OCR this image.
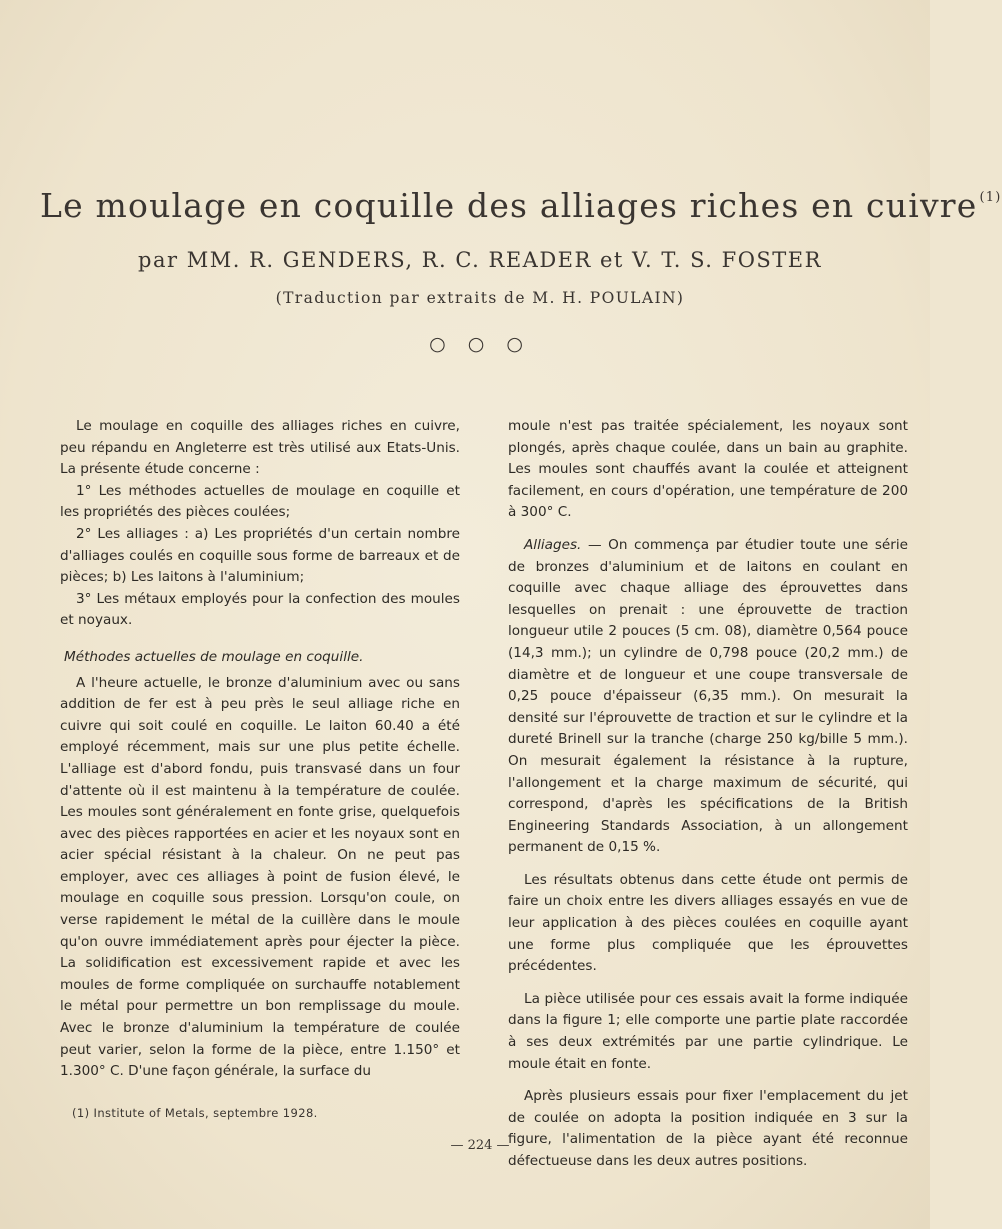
Le moulage en coquille des alliages riches en cuivre $^{(1)}$
par MM. R. GENDERS, R. C. READER et V. T. S. FOSTER
(Traduction par extraits de M. H. POULAIN)
○ ○ ○

Le moulage en coquille des alliages riches en cuivre, peu répandu en Angleterre est très utilisé aux Etats-Unis. La présente étude concerne :

1° Les méthodes actuelles de moulage en coquille et les propriétés des pièces coulées;

2° Les alliages : a) Les propriétés d'un certain nombre d'alliages coulés en coquille sous forme de barreaux et de pièces; b) Les laitons à l'aluminium;

3° Les métaux employés pour la confection des moules et noyaux.

Méthodes actuelles de moulage en coquille.

A l'heure actuelle, le bronze d'aluminium avec ou sans addition de fer est à peu près le seul alliage riche en cuivre qui soit coulé en coquille. Le laiton 60.40 a été employé récemment, mais sur une plus petite échelle. L'alliage est d'abord fondu, puis transvasé dans un four d'attente où il est maintenu à la température de coulée. Les moules sont généralement en fonte grise, quelquefois avec des pièces rapportées en acier et les noyaux sont en acier spécial résistant à la chaleur. On ne peut pas employer, avec ces alliages à point de fusion élevé, le moulage en coquille sous pression. Lorsqu'on coule, on verse rapidement le métal de la cuillère dans le moule qu'on ouvre immédiatement après pour éjecter la pièce. La solidification est excessivement rapide et avec les moules de forme compliquée on surchauffe notablement le métal pour permettre un bon remplissage du moule. Avec le bronze d'aluminium la température de coulée peut varier, selon la forme de la pièce, entre 1.150° et 1.300° C. D'une façon générale, la surface du

moule n'est pas traitée spécialement, les noyaux sont plongés, après chaque coulée, dans un bain au graphite. Les moules sont chauffés avant la coulée et atteignent facilement, en cours d'opération, une température de 200 à 300° C.

Alliages. — On commença par étudier toute une série de bronzes d'aluminium et de laitons en coulant en coquille avec chaque alliage des éprouvettes dans lesquelles on prenait : une éprouvette de traction longueur utile 2 pouces (5 cm. 08), diamètre 0,564 pouce (14,3 mm.); un cylindre de 0,798 pouce (20,2 mm.) de diamètre et de longueur et une coupe transversale de 0,25 pouce d'épaisseur (6,35 mm.). On mesurait la densité sur l'éprouvette de traction et sur le cylindre et la dureté Brinell sur la tranche (charge 250 kg/bille 5 mm.). On mesurait également la résistance à la rupture, l'allongement et la charge maximum de sécurité, qui correspond, d'après les spécifications de la British Engineering Standards Association, à un allongement permanent de 0,15 %.

Les résultats obtenus dans cette étude ont permis de faire un choix entre les divers alliages essayés en vue de leur application à des pièces coulées en coquille ayant une forme plus compliquée que les éprouvettes précédentes.

La pièce utilisée pour ces essais avait la forme indiquée dans la figure 1; elle comporte une partie plate raccordée à ses deux extrémités par une partie cylindrique. Le moule était en fonte.

Après plusieurs essais pour fixer l'emplacement du jet de coulée on adopta la position indiquée en 3 sur la figure, l'alimentation de la pièce ayant été reconnue défectueuse dans les deux autres positions.

(1) Institute of Metals, septembre 1928.
— 224 —
